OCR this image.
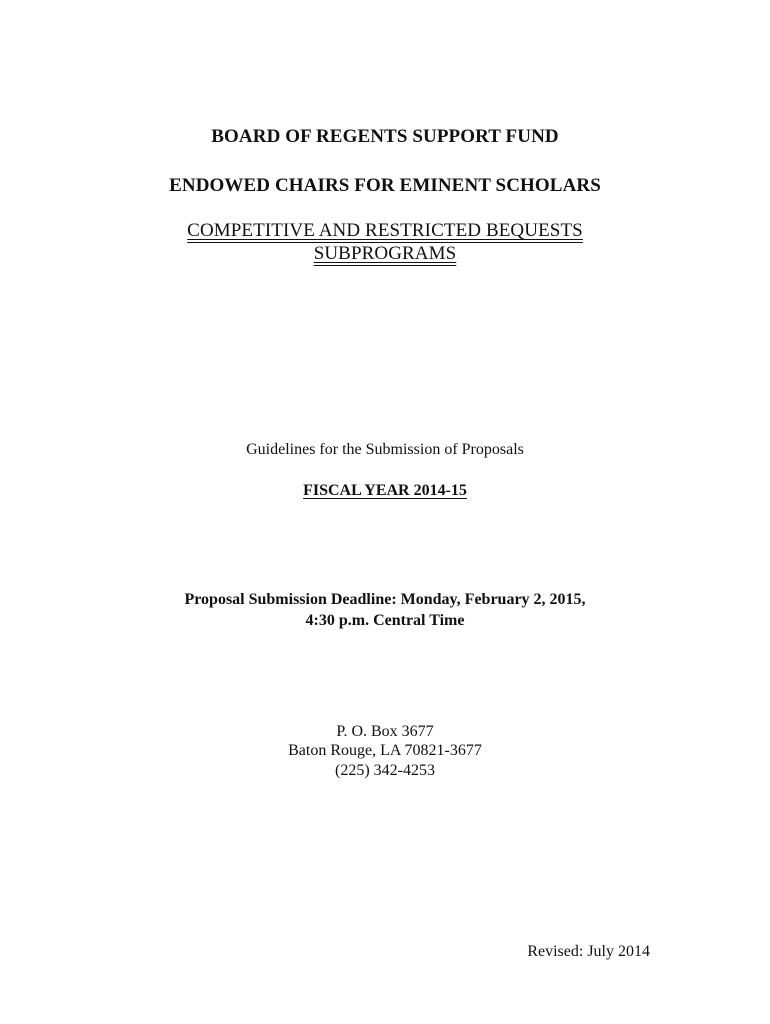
BOARD OF REGENTS SUPPORT FUND
ENDOWED CHAIRS FOR EMINENT SCHOLARS
COMPETITIVE AND RESTRICTED BEQUESTS
SUBPROGRAMS
Guidelines for the Submission of Proposals
FISCAL YEAR 2014-15
Proposal Submission Deadline: Monday, February 2, 2015,
4:30 p.m. Central Time
P. O. Box 3677
Baton Rouge, LA 70821-3677
(225) 342-4253
Revised: July 2014
